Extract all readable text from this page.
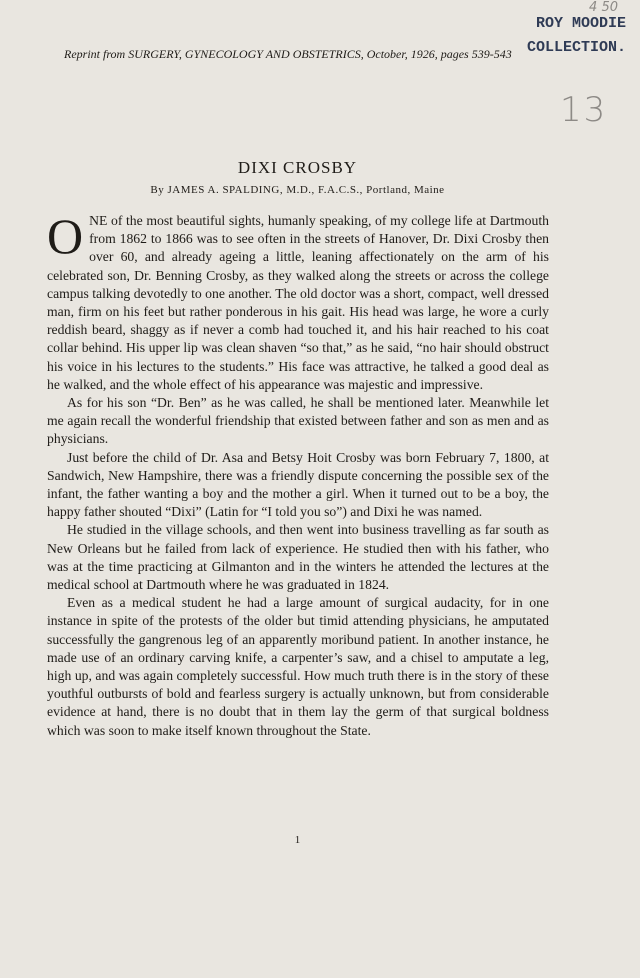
ROY MOODIE
COLLECTION.
4 50
13
Reprint from SURGERY, GYNECOLOGY AND OBSTETRICS, October, 1926, pages 539-543
DIXI CROSBY
By JAMES A. SPALDING, M.D., F.A.C.S., Portland, Maine

ONE of the most beautiful sights, humanly speaking, of my college life at Dartmouth from 1862 to 1866 was to see often in the streets of Hanover, Dr. Dixi Crosby then over 60, and already ageing a little, leaning affectionately on the arm of his celebrated son, Dr. Benning Crosby, as they walked along the streets or across the college campus talking devotedly to one another. The old doctor was a short, compact, well dressed man, firm on his feet but rather ponderous in his gait. His head was large, he wore a curly reddish beard, shaggy as if never a comb had touched it, and his hair reached to his coat collar behind. His upper lip was clean shaven “so that,” as he said, “no hair should obstruct his voice in his lectures to the students.” His face was attractive, he talked a good deal as he walked, and the whole effect of his appearance was majestic and impressive.

As for his son “Dr. Ben” as he was called, he shall be mentioned later. Meanwhile let me again recall the wonderful friendship that existed between father and son as men and as physicians.

Just before the child of Dr. Asa and Betsy Hoit Crosby was born February 7, 1800, at Sandwich, New Hampshire, there was a friendly dispute concerning the possible sex of the infant, the father wanting a boy and the mother a girl. When it turned out to be a boy, the happy father shouted “Dixi” (Latin for “I told you so”) and Dixi he was named.

He studied in the village schools, and then went into business travelling as far south as New Orleans but he failed from lack of experience. He studied then with his father, who was at the time practicing at Gilmanton and in the winters he attended the lectures at the medical school at Dartmouth where he was graduated in 1824.

Even as a medical student he had a large amount of surgical audacity, for in one instance in spite of the protests of the older but timid attending physicians, he amputated successfully the gangrenous leg of an apparently moribund patient. In another instance, he made use of an ordinary carving knife, a carpenter’s saw, and a chisel to amputate a leg, high up, and was again completely successful. How much truth there is in the story of these youthful outbursts of bold and fearless surgery is actually unknown, but from considerable evidence at hand, there is no doubt that in them lay the germ of that surgical boldness which was soon to make itself known throughout the State.

1
